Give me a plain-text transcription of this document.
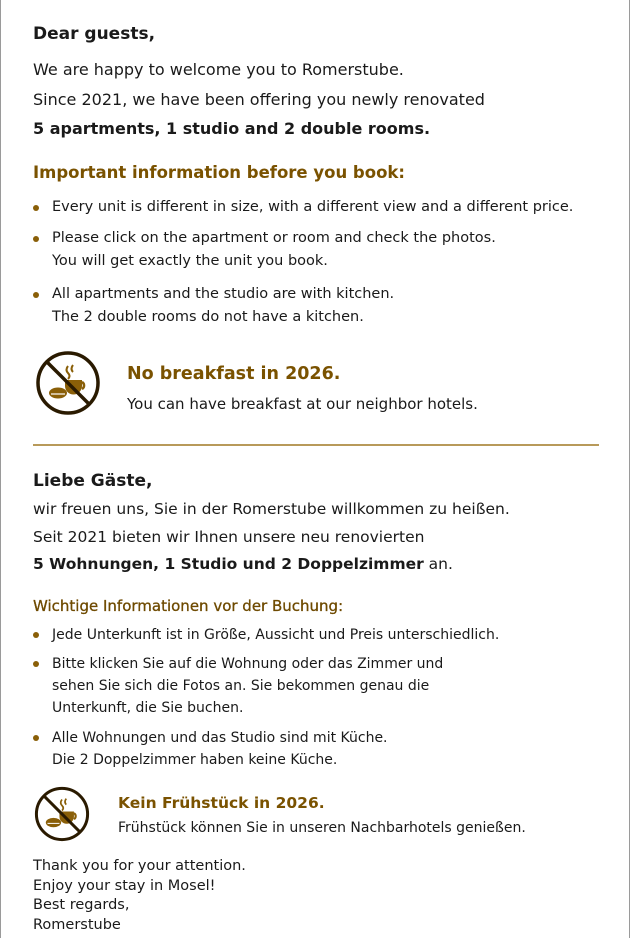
Dear guests,

We are happy to welcome you to Romerstube.

Since 2021, we have been offering you newly renovated

5 apartments, 1 studio and 2 double rooms.

Important information before you book:

Every unit is different in size, with a different view and a different price.
Please click on the apartment or room and check the photos.
You will get exactly the unit you book.
All apartments and the studio are with kitchen.
The 2 double rooms do not have a kitchen.

No breakfast in 2026.

You can have breakfast at our neighbor hotels.

Liebe Gäste,

wir freuen uns, Sie in der Romerstube willkommen zu heißen.

Seit 2021 bieten wir Ihnen unsere neu renovierten

5 Wohnungen, 1 Studio und 2 Doppelzimmer an.

Wichtige Informationen vor der Buchung:

Jede Unterkunft ist in Größe, Aussicht und Preis unterschiedlich.
Bitte klicken Sie auf die Wohnung oder das Zimmer und
sehen Sie sich die Fotos an. Sie bekommen genau die
Unterkunft, die Sie buchen.
Alle Wohnungen und das Studio sind mit Küche.
Die 2 Doppelzimmer haben keine Küche.

Kein Frühstück in 2026.

Frühstück können Sie in unseren Nachbarhotels genießen.

Thank you for your attention.
Enjoy your stay in Mosel!
Best regards,
Romerstube
